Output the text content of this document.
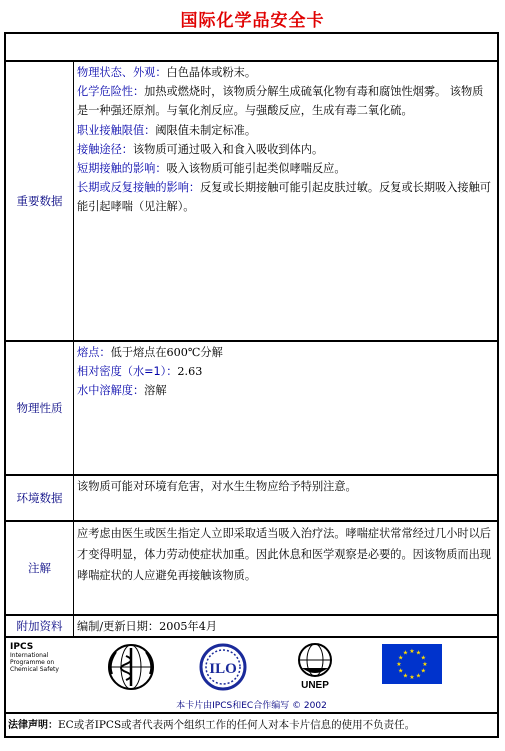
国际化学品安全卡
重要数据
物理状态、外观：白色晶体或粉末。
化学危险性：加热或燃烧时，该物质分解生成硫氧化物有毒和腐蚀性烟雾。 该物质是一种强还原剂。与氧化剂反应。与强酸反应，生成有毒二氧化硫。
职业接触限值：阈限值未制定标准。
接触途径：该物质可通过吸入和食入吸收到体内。
短期接触的影响：吸入该物质可能引起类似哮喘反应。
长期或反复接触的影响：反复或长期接触可能引起皮肤过敏。反复或长期吸入接触可能引起哮喘（见注解）。
物理性质
熔点：低于熔点在600℃分解
相对密度（水=1）：2.63
水中溶解度：溶解
环境数据
该物质可能对环境有危害，对水生生物应给予特别注意。
注解
应考虑由医生或医生指定人立即采取适当吸入治疗法。哮喘症状常常经过几小时以后才变得明显，体力劳动使症状加重。因此休息和医学观察是必要的。因该物质而出现哮喘症状的人应避免再接触该物质。
附加资料	编制/更新日期：2005年4月
IPCS
International
Programme on
Chemical Safety	ILO
UNEP
★ ★
★
★
★
★
★
★
★
★
★
★
本卡片由IPCS和EC合作编写 © 2002
法律声明：EC或者IPCS或者代表两个组织工作的任何人对本卡片信息的使用不负责任。
